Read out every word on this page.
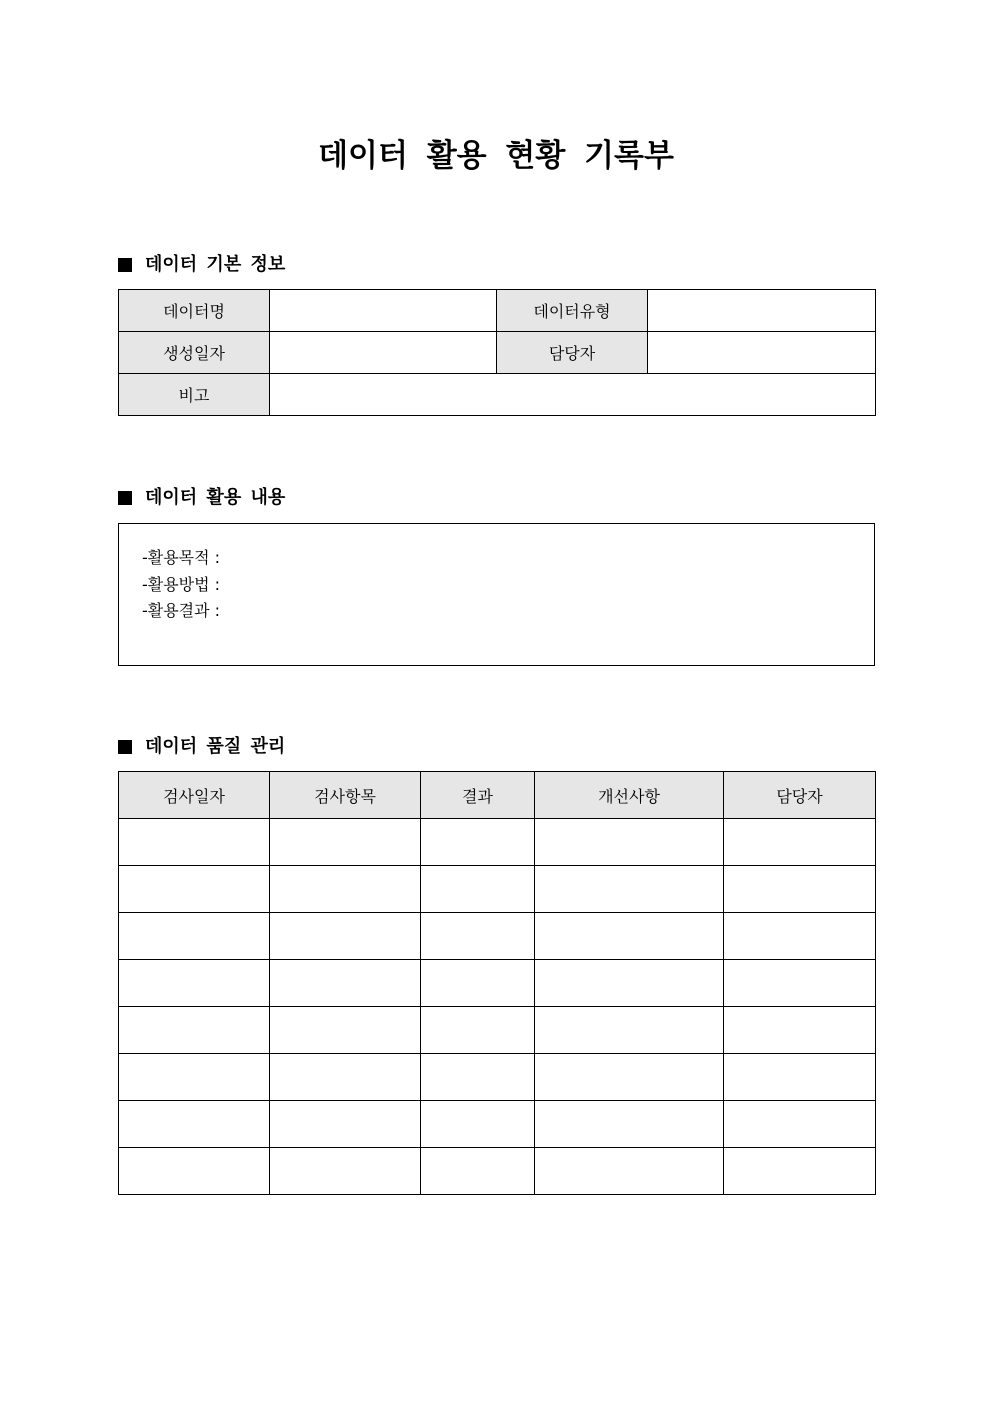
데이터 활용 현황 기록부
데이터 기본 정보
데이터명		데이터유형	
생성일자		담당자	
비고			
데이터 활용 내용
-활용목적 :
-활용방법 :
-활용결과 :
데이터 품질 관리
검사일자	검사항목	결과	개선사항	담당자
